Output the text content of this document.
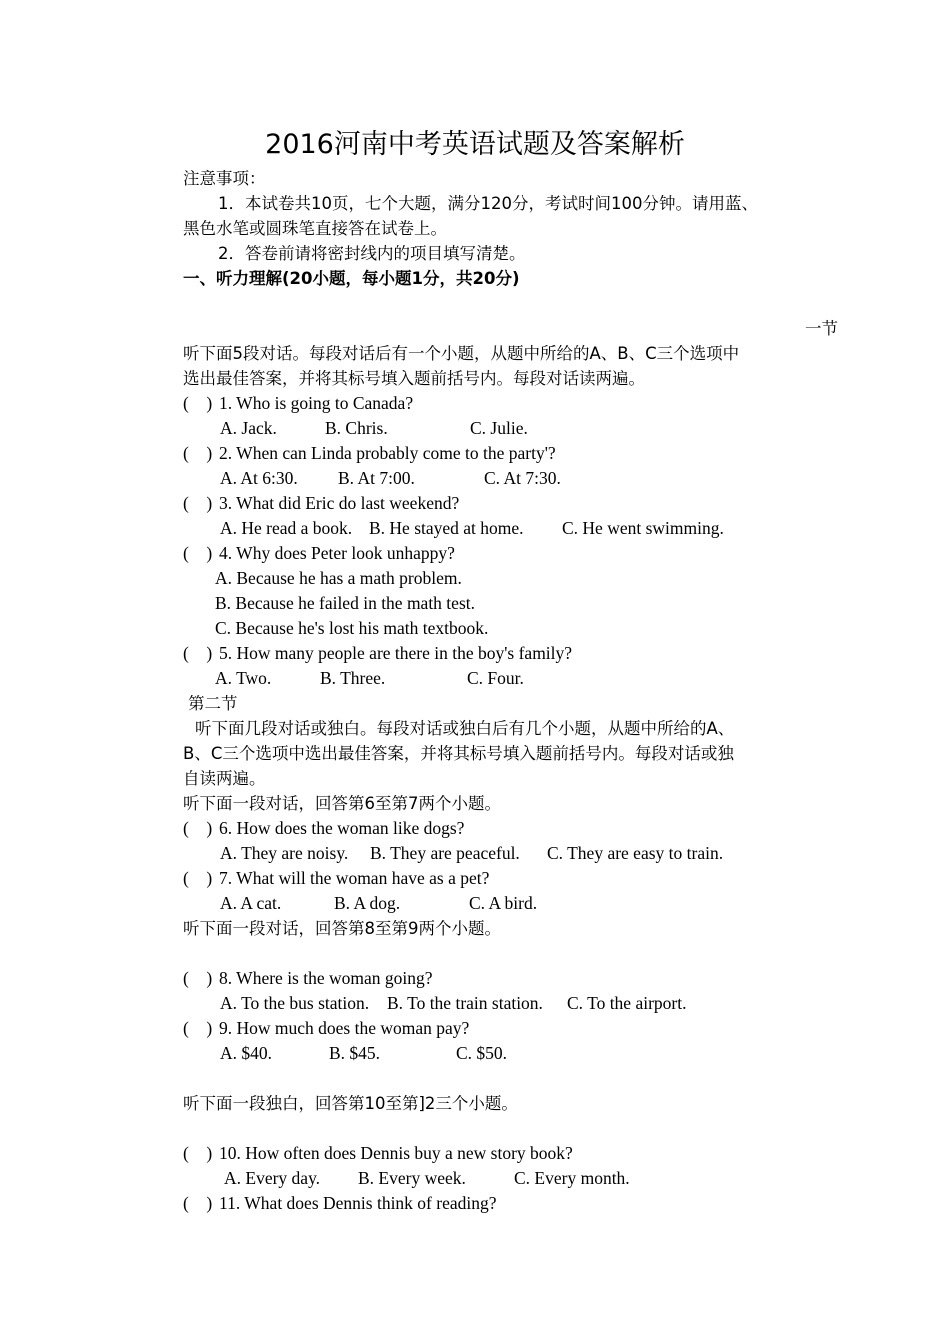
2016河南中考英语试题及答案解析
注意事项：
1．本试卷共10页，七个大题，满分120分，考试时间100分钟。请用蓝、
黑色水笔或圆珠笔直接答在试卷上。
2．答卷前请将密封线内的项目填写清楚。
一、听力理解(20小题，每小题1分，共20分)
一节
听下面5段对话。每段对话后有一个小题，从题中所给的A、B、C三个选项中
选出最佳答案，并将其标号填入题前括号内。每段对话读两遍。
(    ) 1. Who is going to Canada?
A. Jack.	B. Chris.	C. Julie.
(    ) 2. When can Linda probably come to the party'?
A. At 6:30. B. At 7:00.	C. At 7:30.
(    ) 3. What did Eric do last weekend?
A. He read a book. B. He stayed at home. C. He went swimming.
(    ) 4. Why does Peter look unhappy?
A. Because he has a math problem.
B. Because he failed in the math test.
C. Because he's lost his math textbook.
(    ) 5. How many people are there in the boy's family?
A. Two.	B. Three.	C. Four.
第二节
听下面几段对话或独白。每段对话或独白后有几个小题，从题中所给的A、
B、C三个选项中选出最佳答案，并将其标号填入题前括号内。每段对话或独
自读两遍。
听下面一段对话，回答第6至第7两个小题。
(    ) 6. How does the woman like dogs?
A. They are noisy. B. They are peaceful. C. They are easy to train.
(    ) 7. What will the woman have as a pet?
A. A cat.	B. A dog.	C. A bird.
听下面一段对话，回答第8至第9两个小题。
(    ) 8. Where is the woman going?
A. To the bus station. B. To the train station. C. To the airport.
(    ) 9. How much does the woman pay?
A. $40.	B. $45.	C. $50.
听下面一段独白，回答第10至第]2三个小题。
(    ) 10. How often does Dennis buy a new story book?
A. Every day. B. Every week.	C. Every month.
(    ) 11. What does Dennis think of reading?
